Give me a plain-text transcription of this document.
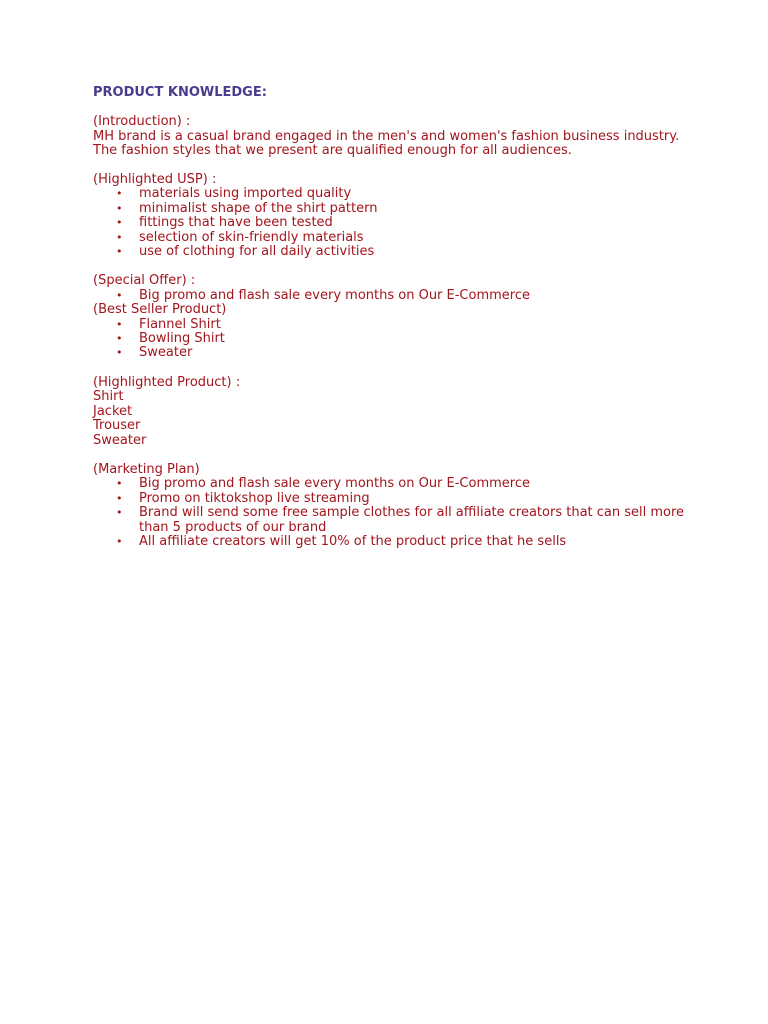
PRODUCT KNOWLEDGE:

(Introduction) :

MH brand is a casual brand engaged in the men's and women's fashion business industry. The fashion styles that we present are qualified enough for all audiences.

(Highlighted USP) :

• materials using imported quality
• minimalist shape of the shirt pattern
• fittings that have been tested
• selection of skin-friendly materials
• use of clothing for all daily activities

(Special Offer) :

• Big promo and flash sale every months on Our E-Commerce

(Best Seller Product)

• Flannel Shirt
• Bowling Shirt
• Sweater

(Highlighted Product) :

Shirt
Jacket
Trouser
Sweater

(Marketing Plan)

• Big promo and flash sale every months on Our E-Commerce
• Promo on tiktokshop live streaming
• Brand will send some free sample clothes for all affiliate creators that can sell more than 5 products of our brand
• All affiliate creators will get 10% of the product price that he sells
